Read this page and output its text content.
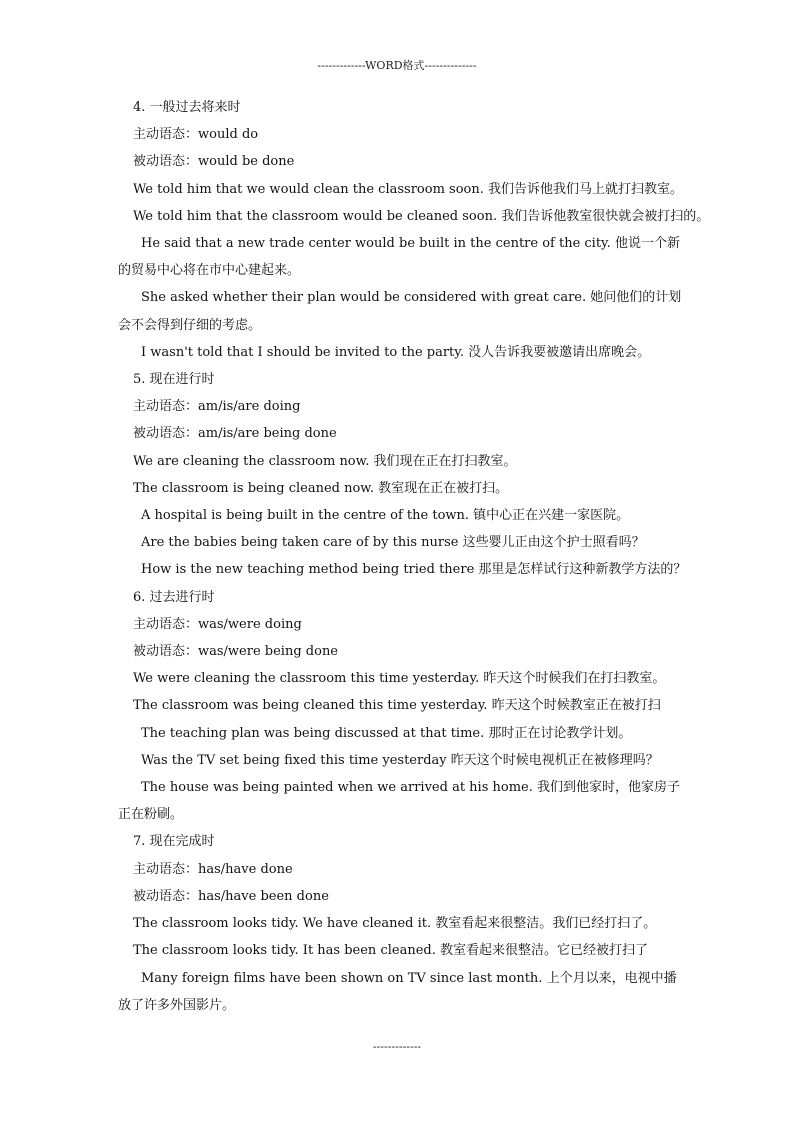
-------------WORD格式--------------
4. 一般过去将来时
主动语态：would do
被动语态：would be done
We told him that we would clean the classroom soon. 我们告诉他我们马上就打扫教室。
We told him that the classroom would be cleaned soon. 我们告诉他教室很快就会被打扫的。
He said that a new trade center would be built in the centre of the city. 他说一个新的贸易中心将在市中心建起来。
She asked whether their plan would be considered with great care. 她问他们的计划会不会得到仔细的考虑。
I wasn't told that I should be invited to the party. 没人告诉我要被邀请出席晚会。
5. 现在进行时
主动语态：am/is/are doing
被动语态：am/is/are being done
We are cleaning the classroom now. 我们现在正在打扫教室。
The classroom is being cleaned now. 教室现在正在被打扫。
A hospital is being built in the centre of the town. 镇中心正在兴建一家医院。
Are the babies being taken care of by this nurse 这些婴儿正由这个护士照看吗？
How is the new teaching method being tried there 那里是怎样试行这种新教学方法的？
6. 过去进行时
主动语态：was/were doing
被动语态：was/were being done
We were cleaning the classroom this time yesterday. 昨天这个时候我们在打扫教室。
The classroom was being cleaned this time yesterday. 昨天这个时候教室正在被打扫
The teaching plan was being discussed at that time. 那时正在讨论教学计划。
Was the TV set being fixed this time yesterday 昨天这个时候电视机正在被修理吗？
The house was being painted when we arrived at his home. 我们到他家时，他家房子正在粉刷。
7. 现在完成时
主动语态：has/have done
被动语态：has/have been done
The classroom looks tidy. We have cleaned it. 教室看起来很整洁。我们已经打扫了。
The classroom looks tidy. It has been cleaned. 教室看起来很整洁。它已经被打扫了
Many foreign films have been shown on TV since last month. 上个月以来，电视中播放了许多外国影片。
-------------
